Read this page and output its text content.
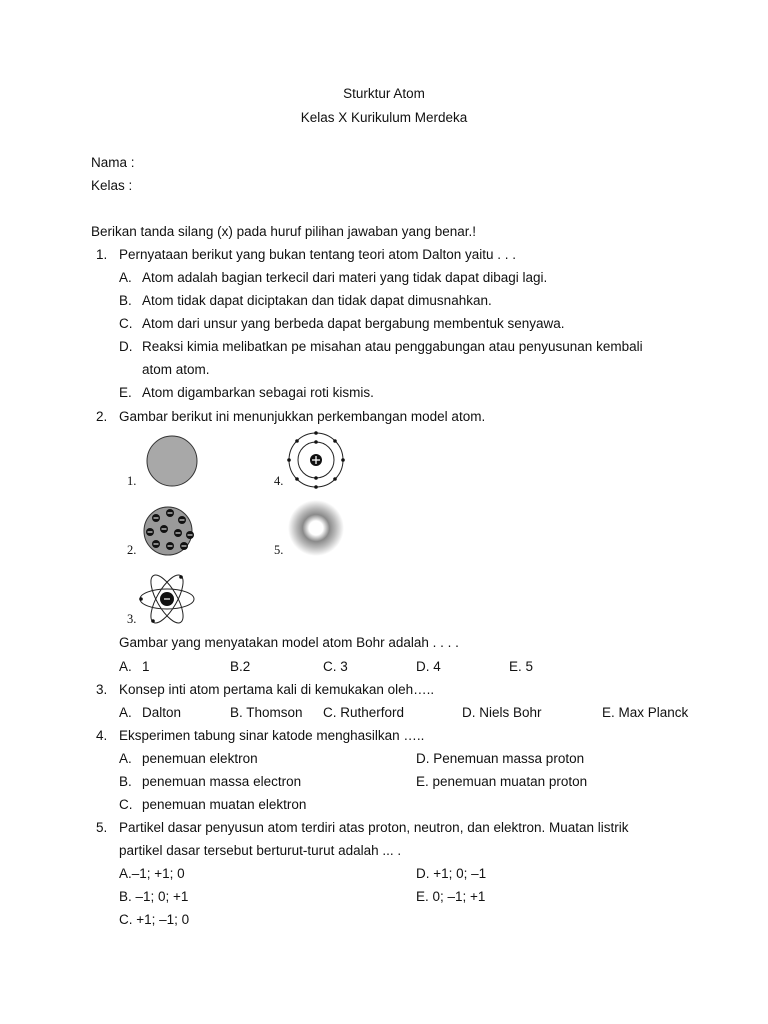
Sturktur Atom
Kelas X Kurikulum Merdeka
Nama :
Kelas :
Berikan tanda silang (x) pada huruf pilihan jawaban yang benar.!
1. Pernyataan berikut yang bukan tentang teori atom Dalton yaitu . . .
A. Atom adalah bagian terkecil dari materi yang tidak dapat dibagi lagi.
B. Atom tidak dapat diciptakan dan tidak dapat dimusnahkan.
C. Atom dari unsur yang berbeda dapat bergabung membentuk senyawa.
D. Reaksi kimia melibatkan pe misahan atau penggabungan atau penyusunan kembali
atom atom.
E. Atom digambarkan sebagai roti kismis.
2. Gambar berikut ini menunjukkan perkembangan model atom.
1.	4.
2.	5.
3.
Gambar yang menyatakan model atom Bohr adalah . . . .
A. 1	B.2	C. 3	D. 4	E. 5
3. Konsep inti atom pertama kali di kemukakan oleh…..
A. Dalton	B. Thomson C. Rutherford	D. Niels Bohr	E. Max Planck
4. Eksperimen tabung sinar katode menghasilkan …..
A. penemuan elektron	D. Penemuan massa proton
B. penemuan massa electron	E. penemuan muatan proton
C. penemuan muatan elektron
5. Partikel dasar penyusun atom terdiri atas proton, neutron, dan elektron. Muatan listrik
partikel dasar tersebut berturut-turut adalah ... .
A.–1; +1; 0	D. +1; 0; –1
B. –1; 0; +1	E. 0; –1; +1
C. +1; –1; 0
